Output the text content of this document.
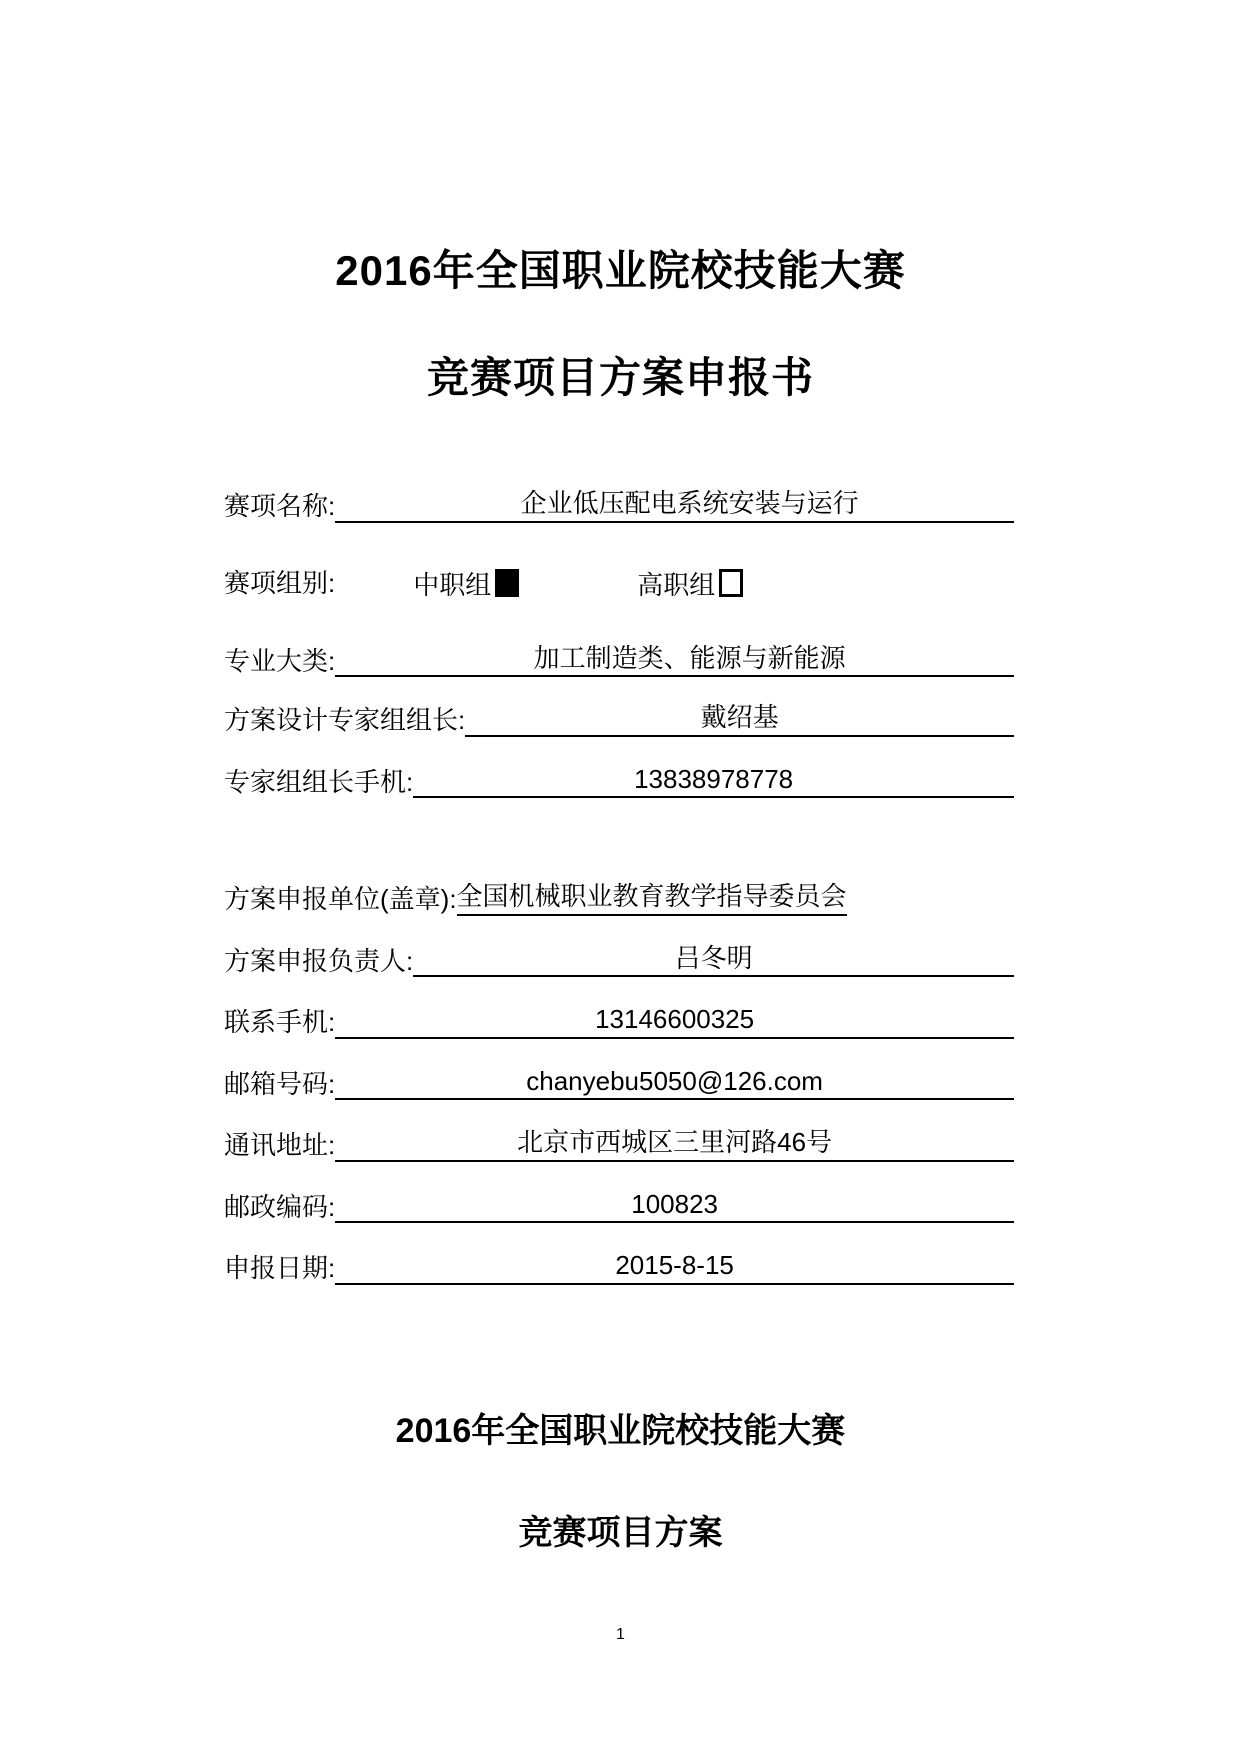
2016年全国职业院校技能大赛
竞赛项目方案申报书
赛项名称:	企业低压配电系统安装与运行
赛项组别:	中职组	高职组
专业大类:	加工制造类、能源与新能源
方案设计专家组组长:	戴绍基
专家组组长手机:	13838978778
方案申报单位(盖章): 全国机械职业教育教学指导委员会
方案申报负责人:	吕冬明
联系手机:	13146600325
邮箱号码:	chanyebu5050@126.com
通讯地址:	北京市西城区三里河路46号
邮政编码:	100823
申报日期:	2015-8-15
2016年全国职业院校技能大赛
竞赛项目方案
1
